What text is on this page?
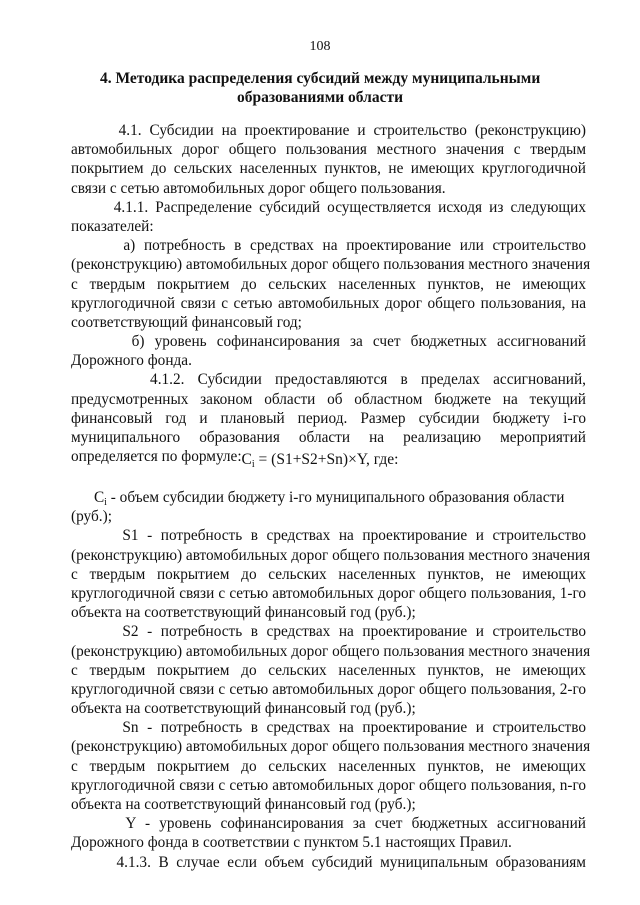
108
4. Методика распределения субсидий между муниципальными
образованиями области
4.1. Субсидии на проектирование и строительство (реконструкцию)
автомобильных дорог общего пользования местного значения с твердым
покрытием до сельских населенных пунктов, не имеющих круглогодичной
связи с сетью автомобильных дорог общего пользования.
4.1.1. Распределение субсидий осуществляется исходя из следующих
показателей:
а) потребность в средствах на проектирование или строительство
(реконструкцию) автомобильных дорог общего пользования местного значения
с твердым покрытием до сельских населенных пунктов, не имеющих
круглогодичной связи с сетью автомобильных дорог общего пользования, на
соответствующий финансовый год;
б) уровень софинансирования за счет бюджетных ассигнований
Дорожного фонда.
4.1.2. Субсидии предоставляются в пределах ассигнований,
предусмотренных законом области об областном бюджете на текущий
финансовый год и плановый период. Размер субсидии бюджету i-го
муниципального образования области на реализацию мероприятий
определяется по формуле: $C_i = (S1+S2+Sn)\times Y$, где:
$C_i$ - объем субсидии бюджету i-го муниципального образования области
(руб.);
S1 - потребность в средствах на проектирование и строительство
(реконструкцию) автомобильных дорог общего пользования местного значения
с твердым покрытием до сельских населенных пунктов, не имеющих
круглогодичной связи с сетью автомобильных дорог общего пользования, 1-го
объекта на соответствующий финансовый год (руб.);
S2 - потребность в средствах на проектирование и строительство
(реконструкцию) автомобильных дорог общего пользования местного значения
с твердым покрытием до сельских населенных пунктов, не имеющих
круглогодичной связи с сетью автомобильных дорог общего пользования, 2-го
объекта на соответствующий финансовый год (руб.);
Sn - потребность в средствах на проектирование и строительство
(реконструкцию) автомобильных дорог общего пользования местного значения
с твердым покрытием до сельских населенных пунктов, не имеющих
круглогодичной связи с сетью автомобильных дорог общего пользования, n-го
объекта на соответствующий финансовый год (руб.);
Y - уровень софинансирования за счет бюджетных ассигнований
Дорожного фонда в соответствии с пунктом 5.1 настоящих Правил.
4.1.3. В случае если объем субсидий муниципальным образованиям
